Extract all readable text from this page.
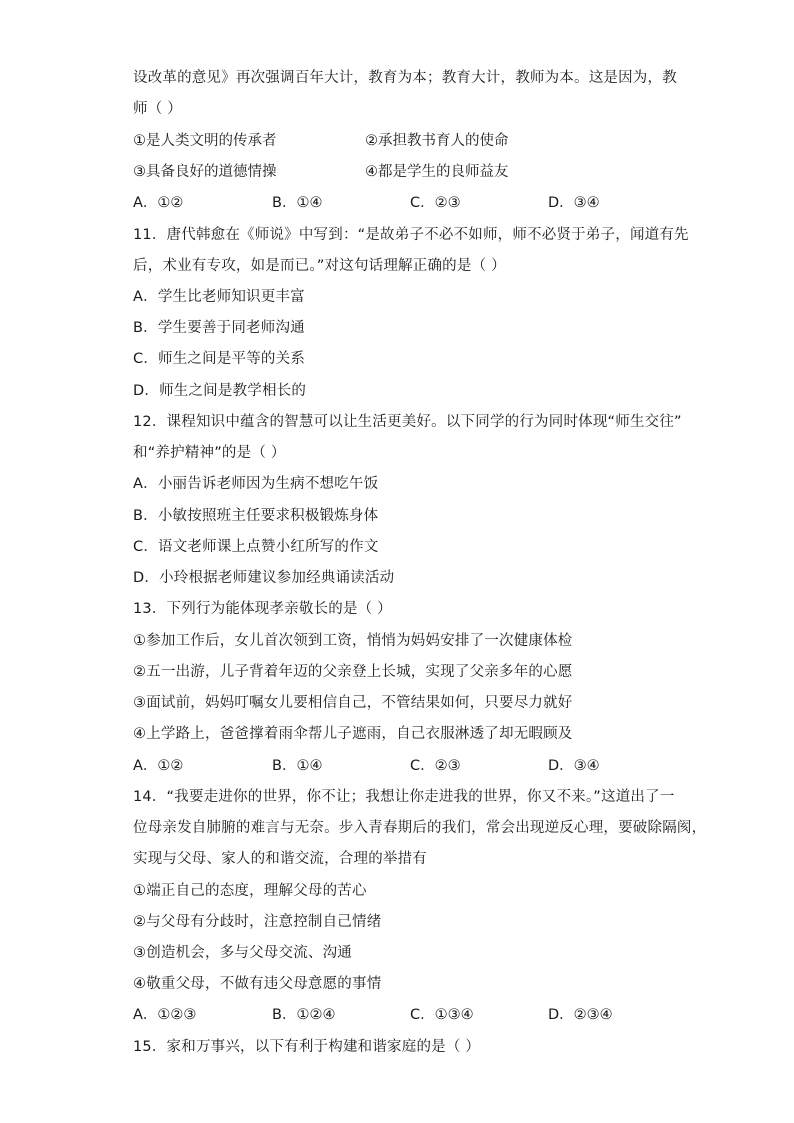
设改革的意见》再次强调百年大计，教育为本；教育大计，教师为本。这是因为，教
师（ ）
①是人类文明的传承者	②承担教书育人的使命
③具备良好的道德情操	④都是学生的良师益友
A．①②	B．①④	C．②③	D．③④
11．唐代韩愈在《师说》中写到：“是故弟子不必不如师，师不必贤于弟子，闻道有先
后，术业有专攻，如是而已。”对这句话理解正确的是（ ）
A．学生比老师知识更丰富
B．学生要善于同老师沟通
C．师生之间是平等的关系
D．师生之间是教学相长的
12．课程知识中蕴含的智慧可以让生活更美好。以下同学的行为同时体现“师生交往”
和“养护精神”的是（ ）
A．小丽告诉老师因为生病不想吃午饭
B．小敏按照班主任要求积极锻炼身体
C．语文老师课上点赞小红所写的作文
D．小玲根据老师建议参加经典诵读活动
13．下列行为能体现孝亲敬长的是（ ）
①参加工作后，女儿首次领到工资，悄悄为妈妈安排了一次健康体检
②五一出游，儿子背着年迈的父亲登上长城，实现了父亲多年的心愿
③面试前，妈妈叮嘱女儿要相信自己，不管结果如何，只要尽力就好
④上学路上，爸爸撑着雨伞帮儿子遮雨，自己衣服淋透了却无暇顾及
A．①②	B．①④	C．②③	D．③④
14．“我要走进你的世界，你不让；我想让你走进我的世界，你又不来。”这道出了一
位母亲发自肺腑的难言与无奈。步入青春期后的我们，常会出现逆反心理，要破除隔阂，
实现与父母、家人的和谐交流，合理的举措有
①端正自己的态度，理解父母的苦心
②与父母有分歧时，注意控制自己情绪
③创造机会，多与父母交流、沟通
④敬重父母，不做有违父母意愿的事情
A．①②③	B．①②④	C．①③④	D．②③④
15．家和万事兴，以下有利于构建和谐家庭的是（ ）
